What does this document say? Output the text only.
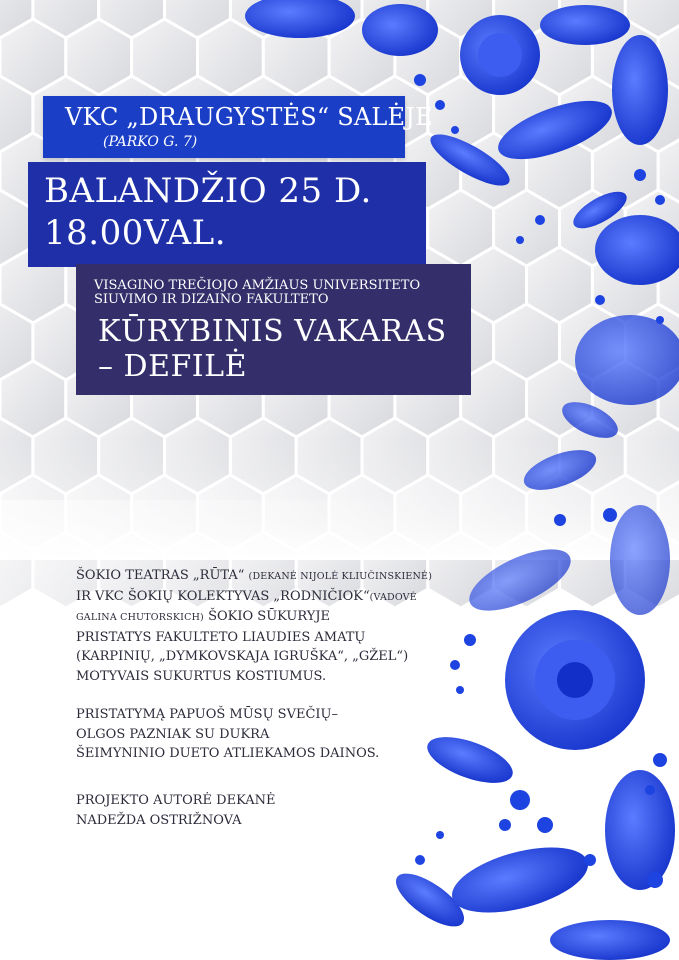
VKC „DRAUGYSTĖS“ SALĖJE
(PARKO G. 7)
BALANDŽIO 25 D.
18.00VAL.
VISAGINO TREČIOJO AMŽIAUS UNIVERSITETO
SIUVIMO IR DIZAINO FAKULTETO
KŪRYBINIS VAKARAS
– DEFILĖ

ŠOKIO TEATRAS „RŪTA“ (DEKANĖ NIJOLĖ KLIUČINSKIENĖ)

IR VKC ŠOKIŲ KOLEKTYVAS „RODNIČIOK“(VADOVĖ

GALINA CHUTORSKICH) ŠOKIO SŪKURYJE

PRISTATYS FAKULTETO LIAUDIES AMATŲ

(KARPINIŲ, „DYMKOVSKAJA IGRUŠKA“, „GŽEL“)

MOTYVAIS SUKURTUS KOSTIUMUS.

PRISTATYMĄ PAPUOŠ MŪSŲ SVEČIŲ–

OLGOS PAZNIAK SU DUKRA

ŠEIMYNINIO DUETO ATLIEKAMOS DAINOS.

PROJEKTO AUTORĖ DEKANĖ

NADEŽDA OSTRIŽNOVA
